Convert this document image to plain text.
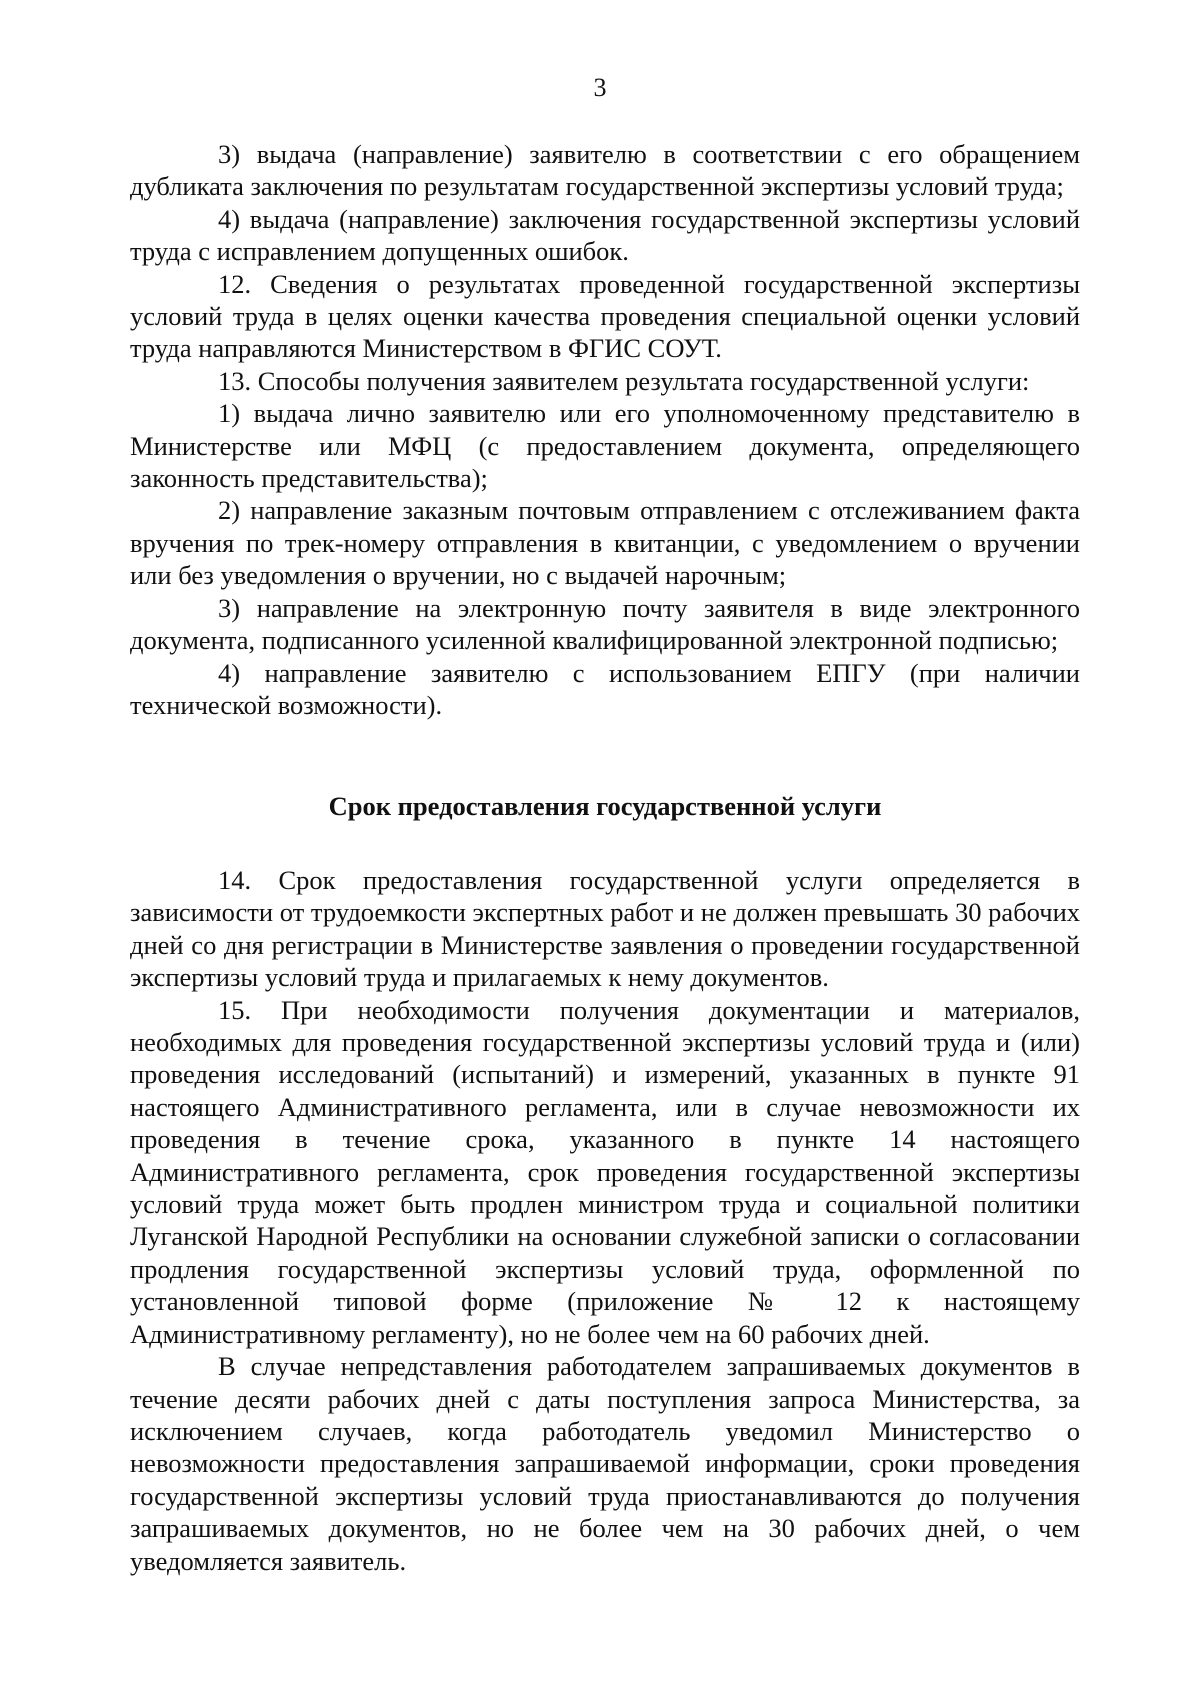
3

3) выдача (направление) заявителю в соответствии с его обращением дубликата заключения по результатам государственной экспертизы условий труда;

4) выдача (направление) заключения государственной экспертизы условий труда с исправлением допущенных ошибок.

12. Сведения о результатах проведенной государственной экспертизы условий труда в целях оценки качества проведения специальной оценки условий труда направляются Министерством в ФГИС СОУТ.

13. Способы получения заявителем результата государственной услуги:

1) выдача лично заявителю или его уполномоченному представителю в Министерстве или МФЦ (с предоставлением документа, определяющего законность представительства);

2) направление заказным почтовым отправлением с отслеживанием факта вручения по трек-номеру отправления в квитанции, с уведомлением о вручении или без уведомления о вручении, но с выдачей нарочным;

3) направление на электронную почту заявителя в виде электронного документа, подписанного усиленной квалифицированной электронной подписью;

4) направление заявителю с использованием ЕПГУ (при наличии технической возможности).

Срок предоставления государственной услуги

14. Срок предоставления государственной услуги определяется в зависимости от трудоемкости экспертных работ и не должен превышать 30 рабочих дней со дня регистрации в Министерстве заявления о проведении государственной экспертизы условий труда и прилагаемых к нему документов.

15. При необходимости получения документации и материалов, необходимых для проведения государственной экспертизы условий труда и (или) проведения исследований (испытаний) и измерений, указанных в пункте 91 настоящего Административного регламента, или в случае невозможности их проведения в течение срока, указанного в пункте 14 настоящего Административного регламента, срок проведения государственной экспертизы условий труда может быть продлен министром труда и социальной политики Луганской Народной Республики на основании служебной записки о согласовании продления государственной экспертизы условий труда, оформленной по установленной типовой форме (приложение № 12 к настоящему Административному регламенту), но не более чем на 60 рабочих дней.

В случае непредставления работодателем запрашиваемых документов в течение десяти рабочих дней с даты поступления запроса Министерства, за исключением случаев, когда работодатель уведомил Министерство о невозможности предоставления запрашиваемой информации, сроки проведения государственной экспертизы условий труда приостанавливаются до получения запрашиваемых документов, но не более чем на 30 рабочих дней, о чем уведомляется заявитель.
